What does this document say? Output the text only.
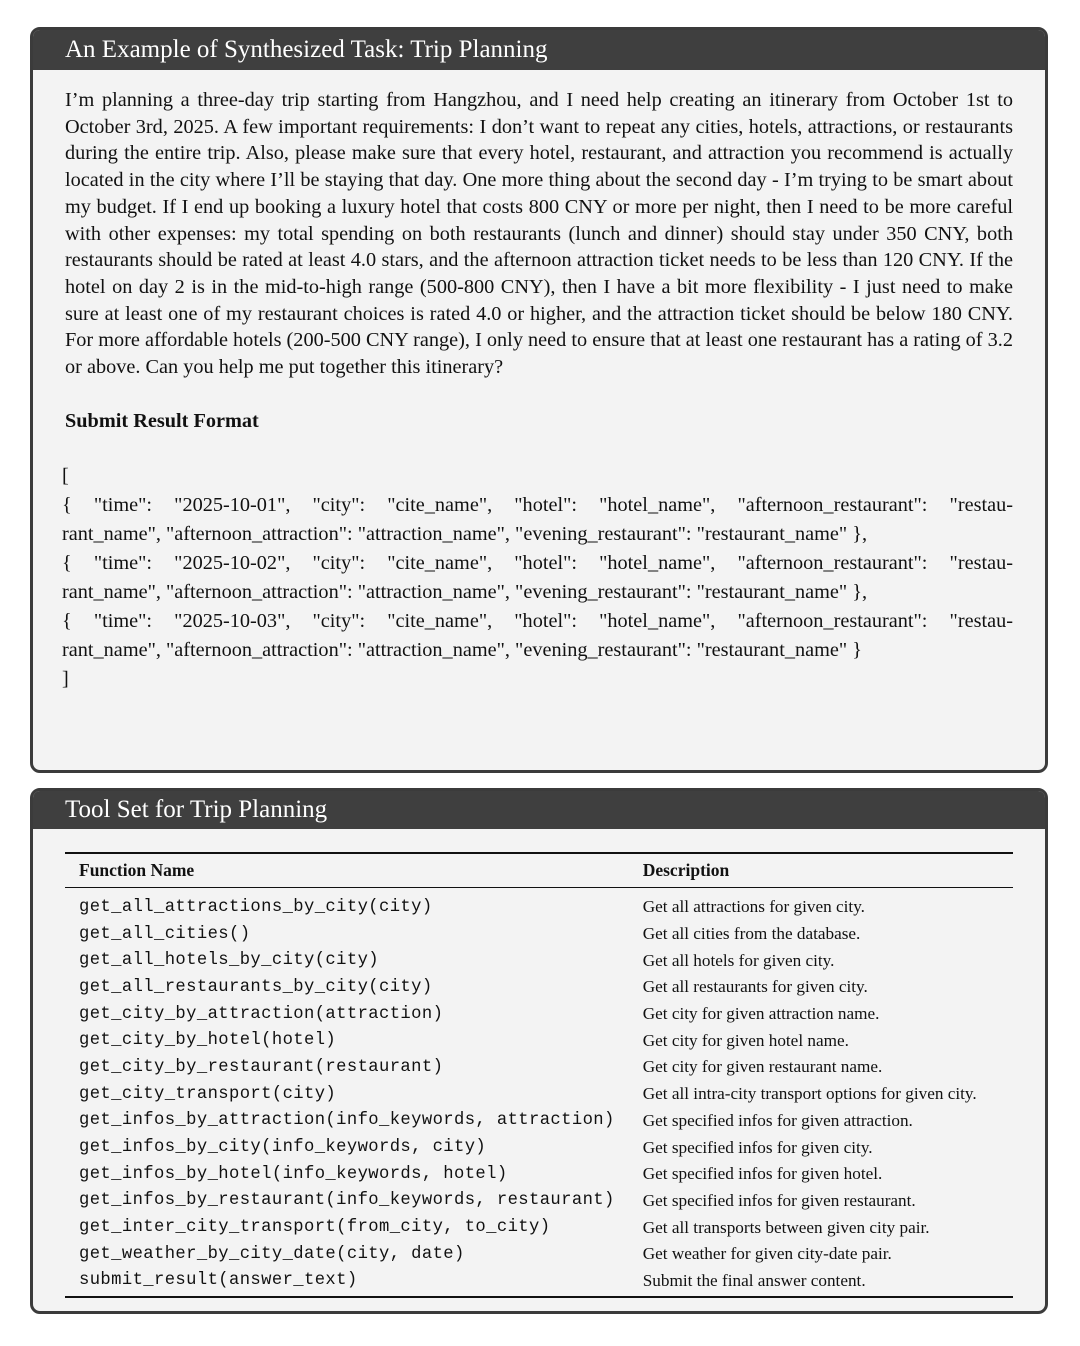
An Example of Synthesized Task: Trip Planning

I’m planning a three-day trip starting from Hangzhou, and I need help creating an itinerary from October 1st to October 3rd, 2025. A few important requirements: I don’t want to repeat any cities, hotels, attractions, or restaurants during the entire trip. Also, please make sure that every hotel, restaurant, and attraction you recommend is actually located in the city where I’ll be staying that day. One more thing about the second day - I’m trying to be smart about my budget. If I end up booking a luxury hotel that costs 800 CNY or more per night, then I need to be more careful with other expenses: my total spending on both restaurants (lunch and dinner) should stay under 350 CNY, both restaurants should be rated at least 4.0 stars, and the afternoon attraction ticket needs to be less than 120 CNY. If the hotel on day 2 is in the mid-to-high range (500-800 CNY), then I have a bit more flexibility - I just need to make sure at least one of my restaurant choices is rated 4.0 or higher, and the attraction ticket should be below 180 CNY. For more affordable hotels (200-500 CNY range), I only need to ensure that at least one restaurant has a rating of 3.2 or above. Can you help me put together this itinerary?

Submit Result Format
[
{ "time": "2025-10-01", "city": "cite_name", "hotel": "hotel_name", "afternoon_restaurant": "restau-
rant_name", "afternoon_attraction": "attraction_name", "evening_restaurant": "restaurant_name" },
{ "time": "2025-10-02", "city": "cite_name", "hotel": "hotel_name", "afternoon_restaurant": "restau-
rant_name", "afternoon_attraction": "attraction_name", "evening_restaurant": "restaurant_name" },
{ "time": "2025-10-03", "city": "cite_name", "hotel": "hotel_name", "afternoon_restaurant": "restau-
rant_name", "afternoon_attraction": "attraction_name", "evening_restaurant": "restaurant_name" }
]
Tool Set for Trip Planning
Function Name	Description
get_all_attractions_by_city(city)	Get all attractions for given city.
get_all_cities()	Get all cities from the database.
get_all_hotels_by_city(city)	Get all hotels for given city.
get_all_restaurants_by_city(city)	Get all restaurants for given city.
get_city_by_attraction(attraction)	Get city for given attraction name.
get_city_by_hotel(hotel)	Get city for given hotel name.
get_city_by_restaurant(restaurant)	Get city for given restaurant name.
get_city_transport(city)	Get all intra-city transport options for given city.
get_infos_by_attraction(info_keywords, attraction)	Get specified infos for given attraction.
get_infos_by_city(info_keywords, city)	Get specified infos for given city.
get_infos_by_hotel(info_keywords, hotel)	Get specified infos for given hotel.
get_infos_by_restaurant(info_keywords, restaurant)	Get specified infos for given restaurant.
get_inter_city_transport(from_city, to_city)	Get all transports between given city pair.
get_weather_by_city_date(city, date)	Get weather for given city-date pair.
submit_result(answer_text)	Submit the final answer content.
